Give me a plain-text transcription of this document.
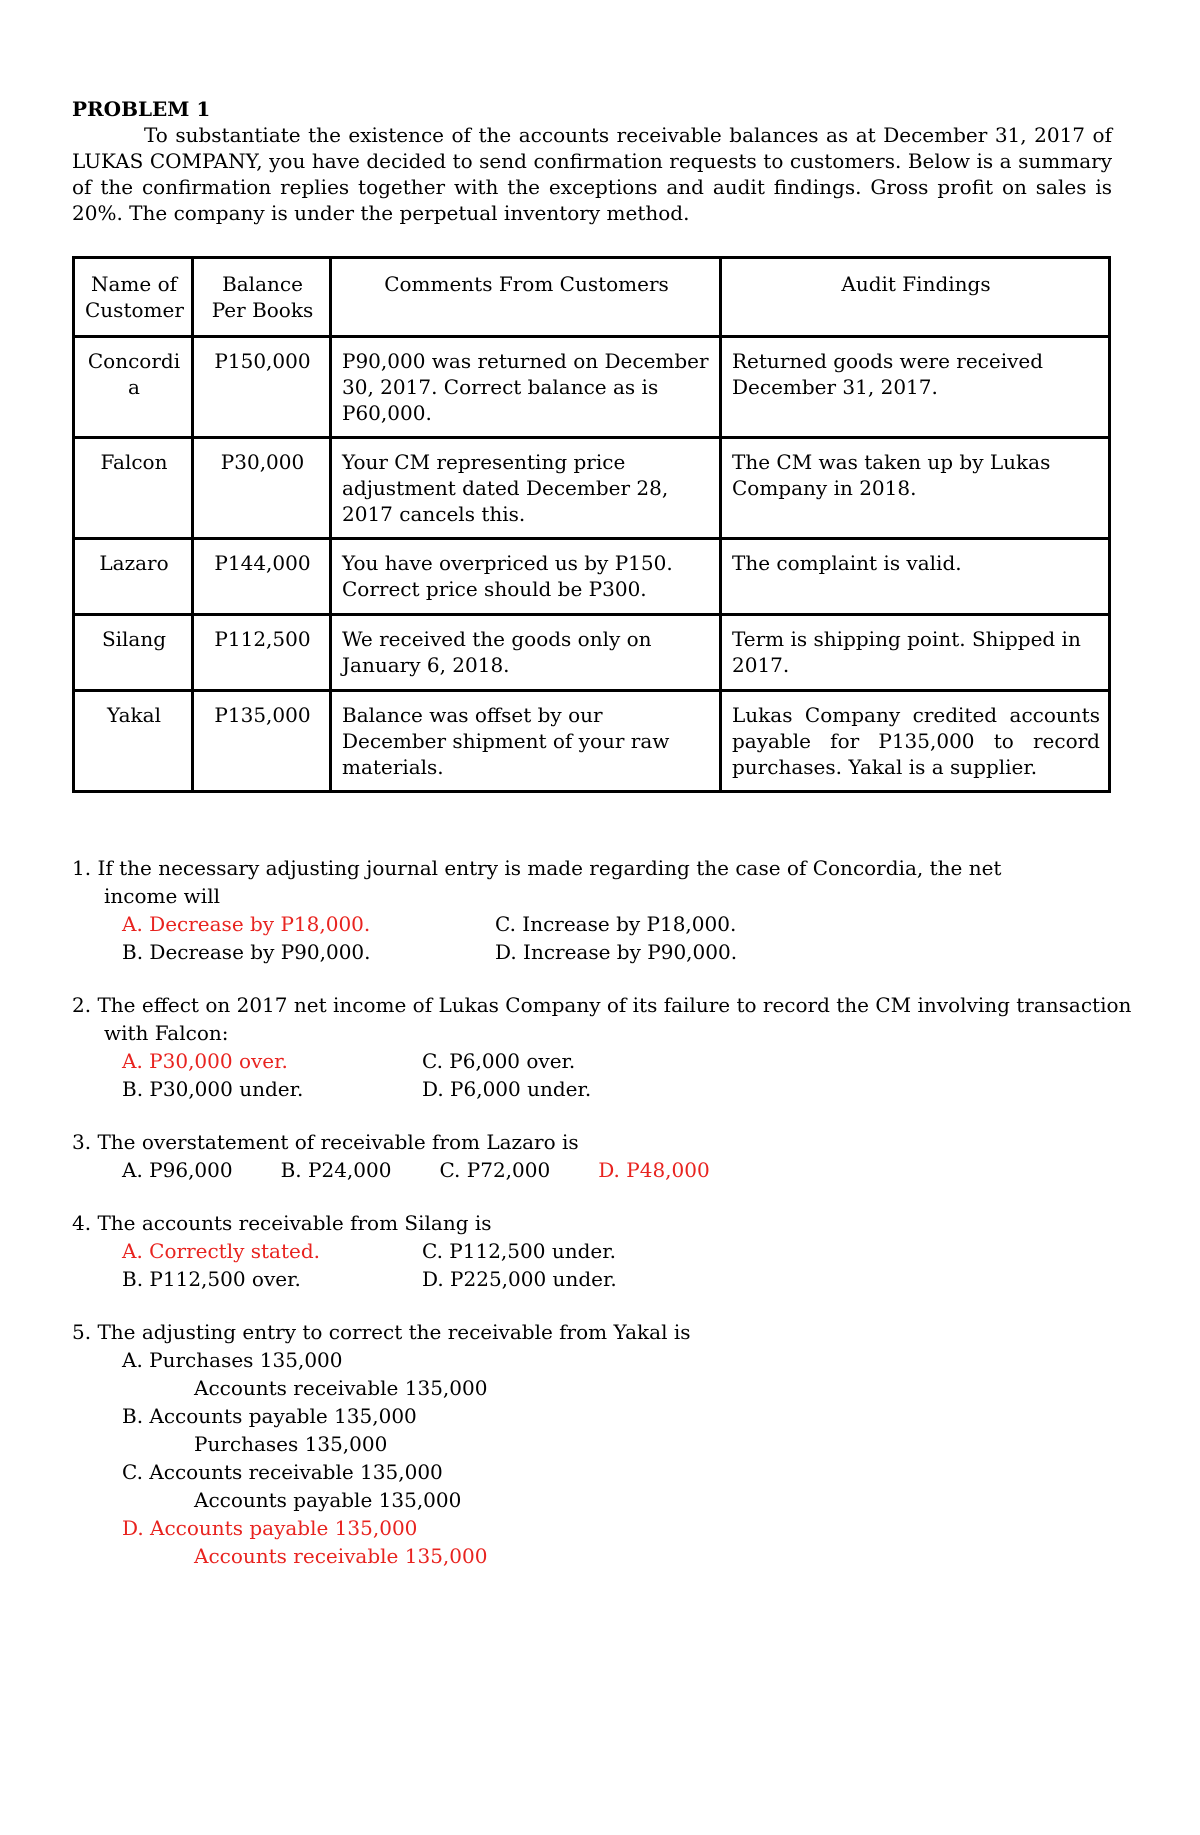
PROBLEM 1

To substantiate the existence of the accounts receivable balances as at December 31, 2017 of LUKAS COMPANY, you have decided to send confirmation requests to customers. Below is a summary of the confirmation replies together with the exceptions and audit findings. Gross profit on sales is 20%. The company is under the perpetual inventory method.

Name of Customer	Balance Per Books	Comments From Customers	Audit Findings
Concordia	P150,000	P90,000 was returned on December 30, 2017. Correct balance as is P60,000.	Returned goods were received December 31, 2017.
Falcon	P30,000	Your CM representing price adjustment dated December 28, 2017 cancels this.	The CM was taken up by Lukas Company in 2018.
Lazaro	P144,000	You have overpriced us by P150. Correct price should be P300.	The complaint is valid.
Silang	P112,500	We received the goods only on January 6, 2018.	Term is shipping point. Shipped in 2017.
Yakal	P135,000	Balance was offset by our December shipment of your raw materials.	Lukas Company credited accounts payable for P135,000 to record purchases. Yakal is a supplier.
1. If the necessary adjusting journal entry is made regarding the case of Concordia, the net
income will
A. Decrease by P18,000.	C. Increase by P18,000.
B. Decrease by P90,000.	D. Increase by P90,000.
2. The effect on 2017 net income of Lukas Company of its failure to record the CM involving transaction
with Falcon:
A. P30,000 over.	C. P6,000 over.
B. P30,000 under.	D. P6,000 under.
3. The overstatement of receivable from Lazaro is
A. P96,000 B. P24,000 C. P72,000 D. P48,000
4. The accounts receivable from Silang is
A. Correctly stated.	C. P112,500 under.
B. P112,500 over.	D. P225,000 under.
5. The adjusting entry to correct the receivable from Yakal is
A. Purchases 135,000
Accounts receivable 135,000
B. Accounts payable 135,000
Purchases 135,000
C. Accounts receivable 135,000
Accounts payable 135,000
D. Accounts payable 135,000
Accounts receivable 135,000
